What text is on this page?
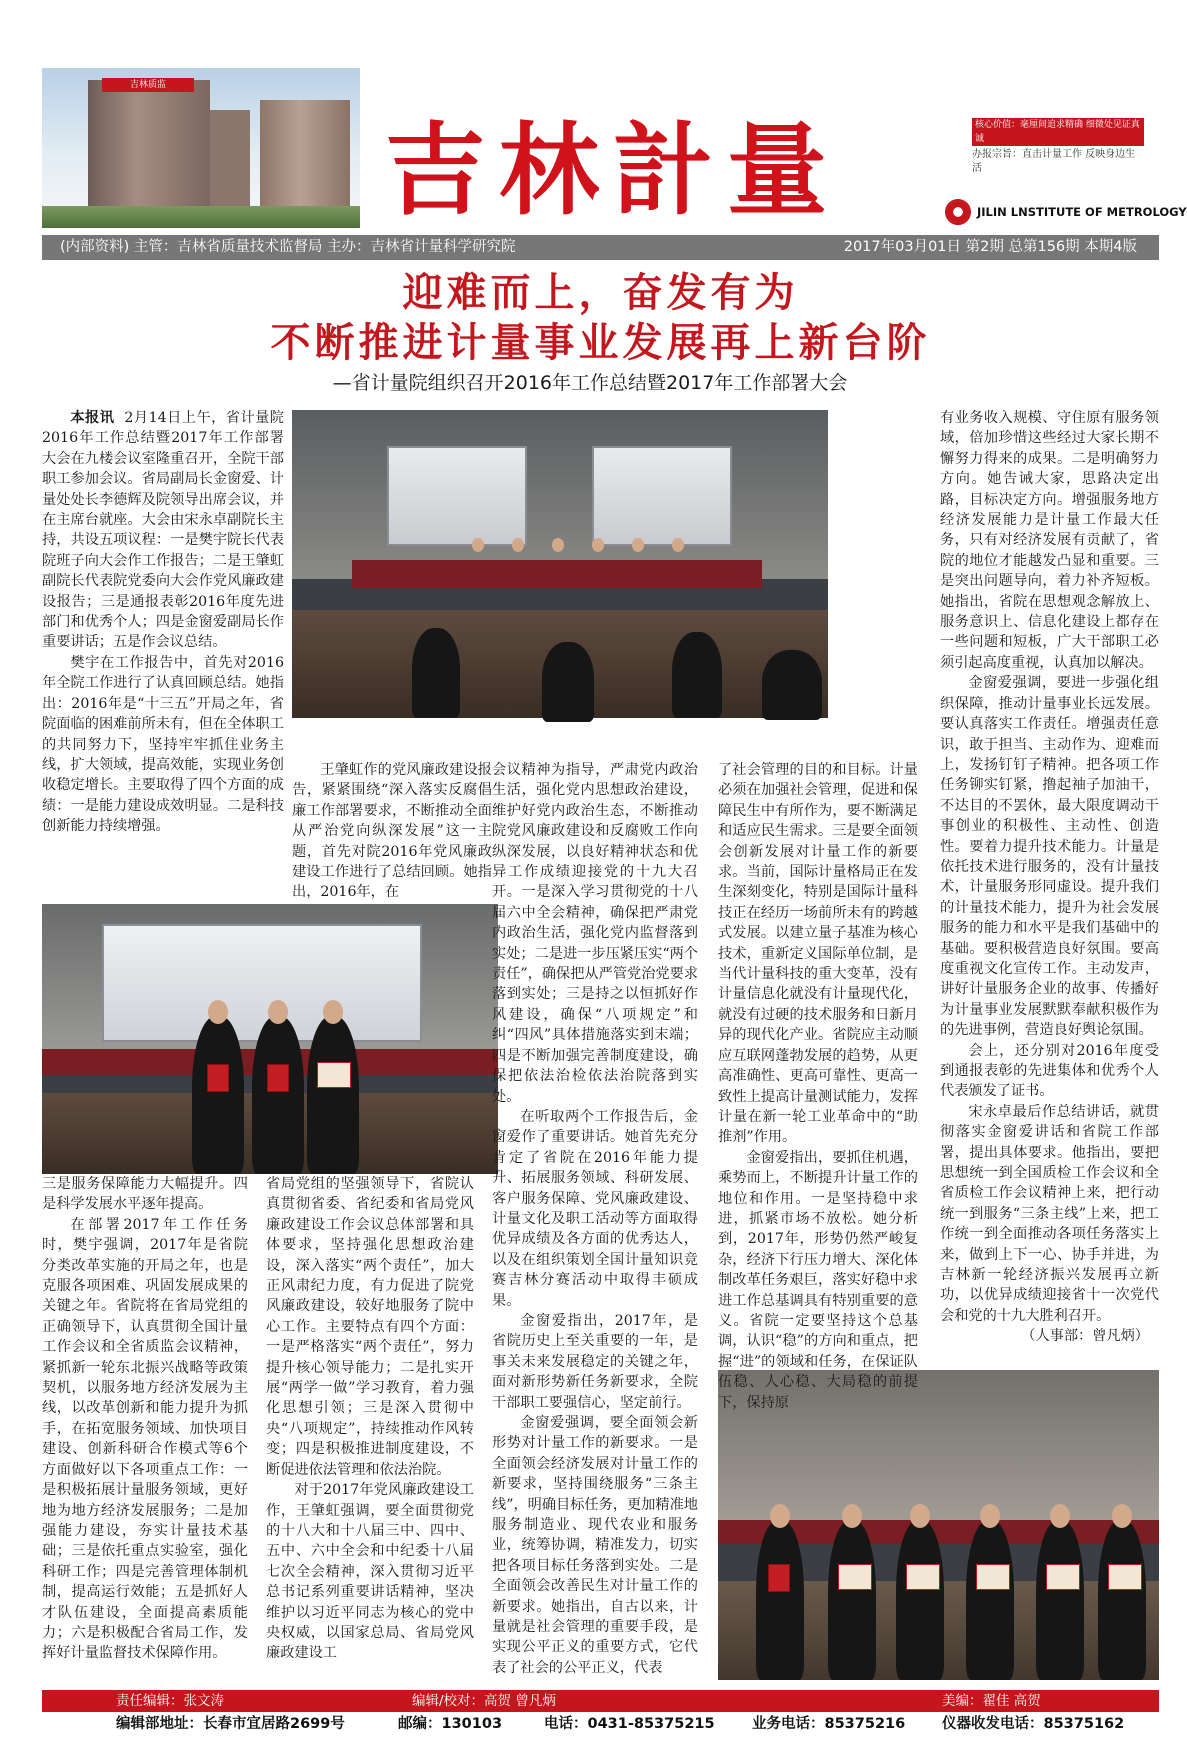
吉林质监
吉林計量	核心价值：毫厘间追求精确 细微处见证真诚
办报宗旨：直击计量工作 反映身边生活
JILIN LNSTITUTE OF METROLOGY
(内部资料) 主管：吉林省质量技术监督局 主办：吉林省计量科学研究院	2017年03月01日 第2期 总第156期 本期4版
迎难而上，奋发有为
不断推进计量事业发展再上新台阶
—省计量院组织召开2016年工作总结暨2017年工作部署大会

本报讯 2月14日上午，省计量院2016年工作总结暨2017年工作部署大会在九楼会议室隆重召开，全院干部职工参加会议。省局副局长金窗爱、计量处处长李德辉及院领导出席会议，并在主席台就座。大会由宋永卓副院长主持，共设五项议程：一是樊宇院长代表院班子向大会作工作报告；二是王肇虹副院长代表院党委向大会作党风廉政建设报告；三是通报表彰2016年度先进部门和优秀个人；四是金窗爱副局长作重要讲话；五是作会议总结。

樊宇在工作报告中，首先对2016年全院工作进行了认真回顾总结。她指出：2016年是“十三五”开局之年，省院面临的困难前所未有，但在全体职工的共同努力下，坚持牢牢抓住业务主线，扩大领域，提高效能，实现业务创收稳定增长。主要取得了四个方面的成绩：一是能力建设成效明显。二是科技创新能力持续增强。

王肇虹作的党风廉政建设报告，紧紧围绕“深入落实反腐倡廉工作部署要求，不断推动全面从严治党向纵深发展”这一主题，首先对院2016年党风廉政建设工作进行了总结回顾。她指出，2016年，在

三是服务保障能力大幅提升。四是科学发展水平逐年提高。

在部署2017年工作任务时，樊宇强调，2017年是省院分类改革实施的开局之年，也是克服各项困难、巩固发展成果的关键之年。省院将在省局党组的正确领导下，认真贯彻全国计量工作会议和全省质监会议精神，紧抓新一轮东北振兴战略等政策契机，以服务地方经济发展为主线，以改革创新和能力提升为抓手，在拓宽服务领域、加快项目建设、创新科研合作模式等6个方面做好以下各项重点工作：一是积极拓展计量服务领域，更好地为地方经济发展服务；二是加强能力建设，夯实计量技术基础；三是依托重点实验室，强化科研工作；四是完善管理体制机制，提高运行效能；五是抓好人才队伍建设，全面提高素质能力；六是积极配合省局工作，发挥好计量监督技术保障作用。

省局党组的坚强领导下，省院认真贯彻省委、省纪委和省局党风廉政建设工作会议总体部署和具体要求，坚持强化思想政治建设，深入落实“两个责任”，加大正风肃纪力度，有力促进了院党风廉政建设，较好地服务了院中心工作。主要特点有四个方面：一是严格落实“两个责任”，努力提升核心领导能力；二是扎实开展“两学一做”学习教育，着力强化思想引领；三是深入贯彻中央“八项规定”，持续推动作风转变；四是积极推进制度建设，不断促进依法管理和依法治院。

对于2017年党风廉政建设工作，王肇虹强调，要全面贯彻党的十八大和十八届三中、四中、五中、六中全会和中纪委十八届七次全会精神，深入贯彻习近平总书记系列重要讲话精神，坚决维护以习近平同志为核心的党中央权威，以国家总局、省局党风廉政建设工

会议精神为指导，严肃党内政治生活，强化党内思想政治建设，维护好党内政治生态，不断推动院党风廉政建设和反腐败工作向纵深发展，以良好精神状态和优异工作成绩迎接党的十九大召开。一是深入学习贯彻党的十八届六中全会精神，确保把严肃党内政治生活，强化党内监督落到实处；二是进一步压紧压实“两个责任”，确保把从严管党治党要求落到实处；三是持之以恒抓好作风建设，确保“八项规定”和纠“四风”具体措施落实到末端；四是不断加强完善制度建设，确保把依法治检依法治院落到实处。

在听取两个工作报告后，金窗爱作了重要讲话。她首先充分肯定了省院在2016年能力提升、拓展服务领域、科研发展、客户服务保障、党风廉政建设、计量文化及职工活动等方面取得优异成绩及各方面的优秀达人，以及在组织策划全国计量知识竞赛吉林分赛活动中取得丰硕成果。

金窗爱指出，2017年，是省院历史上至关重要的一年，是事关未来发展稳定的关键之年，面对新形势新任务新要求，全院干部职工要强信心，坚定前行。

金窗爱强调，要全面领会新形势对计量工作的新要求。一是全面领会经济发展对计量工作的新要求，坚持围绕服务“三条主线”，明确目标任务，更加精准地服务制造业、现代农业和服务业，统筹协调，精准发力，切实把各项目标任务落到实处。二是全面领会改善民生对计量工作的新要求。她指出，自古以来，计量就是社会管理的重要手段，是实现公平正义的重要方式，它代表了社会的公平正义，代表

了社会管理的目的和目标。计量必须在加强社会管理，促进和保障民生中有所作为，要不断满足和适应民生需求。三是要全面领会创新发展对计量工作的新要求。当前，国际计量格局正在发生深刻变化，特别是国际计量科技正在经历一场前所未有的跨越式发展。以建立量子基准为核心技术，重新定义国际单位制，是当代计量科技的重大变革，没有计量信息化就没有计量现代化，就没有过硬的技术服务和日新月异的现代化产业。省院应主动顺应互联网蓬勃发展的趋势，从更高准确性、更高可靠性、更高一致性上提高计量测试能力，发挥计量在新一轮工业革命中的“助推剂”作用。

金窗爱指出，要抓住机遇，乘势而上，不断提升计量工作的地位和作用。一是坚持稳中求进，抓紧市场不放松。她分析到，2017年，形势仍然严峻复杂，经济下行压力增大、深化体制改革任务艰巨，落实好稳中求进工作总基调具有特别重要的意义。省院一定要坚持这个总基调，认识“稳”的方向和重点，把握“进”的领域和任务，在保证队伍稳、人心稳、大局稳的前提下，保持原

有业务收入规模、守住原有服务领域，倍加珍惜这些经过大家长期不懈努力得来的成果。二是明确努力方向。她告诫大家，思路决定出路，目标决定方向。增强服务地方经济发展能力是计量工作最大任务，只有对经济发展有贡献了，省院的地位才能越发凸显和重要。三是突出问题导向，着力补齐短板。她指出，省院在思想观念解放上、服务意识上、信息化建设上都存在一些问题和短板，广大干部职工必须引起高度重视，认真加以解决。

金窗爱强调，要进一步强化组织保障，推动计量事业长远发展。要认真落实工作责任。增强责任意识，敢于担当、主动作为、迎难而上，发扬钉钉子精神。把各项工作任务铆实钉紧，撸起袖子加油干，不达目的不罢休，最大限度调动干事创业的积极性、主动性、创造性。要着力提升技术能力。计量是依托技术进行服务的，没有计量技术，计量服务形同虚设。提升我们的计量技术能力，提升为社会发展服务的能力和水平是我们基础中的基础。要积极营造良好氛围。要高度重视文化宣传工作。主动发声，讲好计量服务企业的故事、传播好为计量事业发展默默奉献积极作为的先进事例，营造良好舆论氛围。

会上，还分别对2016年度受到通报表彰的先进集体和优秀个人代表颁发了证书。

宋永卓最后作总结讲话，就贯彻落实金窗爱讲话和省院工作部署，提出具体要求。他指出，要把思想统一到全国质检工作会议和全省质检工作会议精神上来，把行动统一到服务“三条主线”上来，把工作统一到全面推动各项任务落实上来，做到上下一心、协手并进，为吉林新一轮经济振兴发展再立新功，以优异成绩迎接省十一次党代会和党的十九大胜利召开。

（人事部：曾凡炳）

责任编辑：张文涛	编辑/校对：高贺 曾凡炳	美编：翟佳 高贺
编辑部地址：长春市宜居路2699号	邮编：130103	电话：0431-85375215	业务电话：85375216	仪器收发电话：85375162
